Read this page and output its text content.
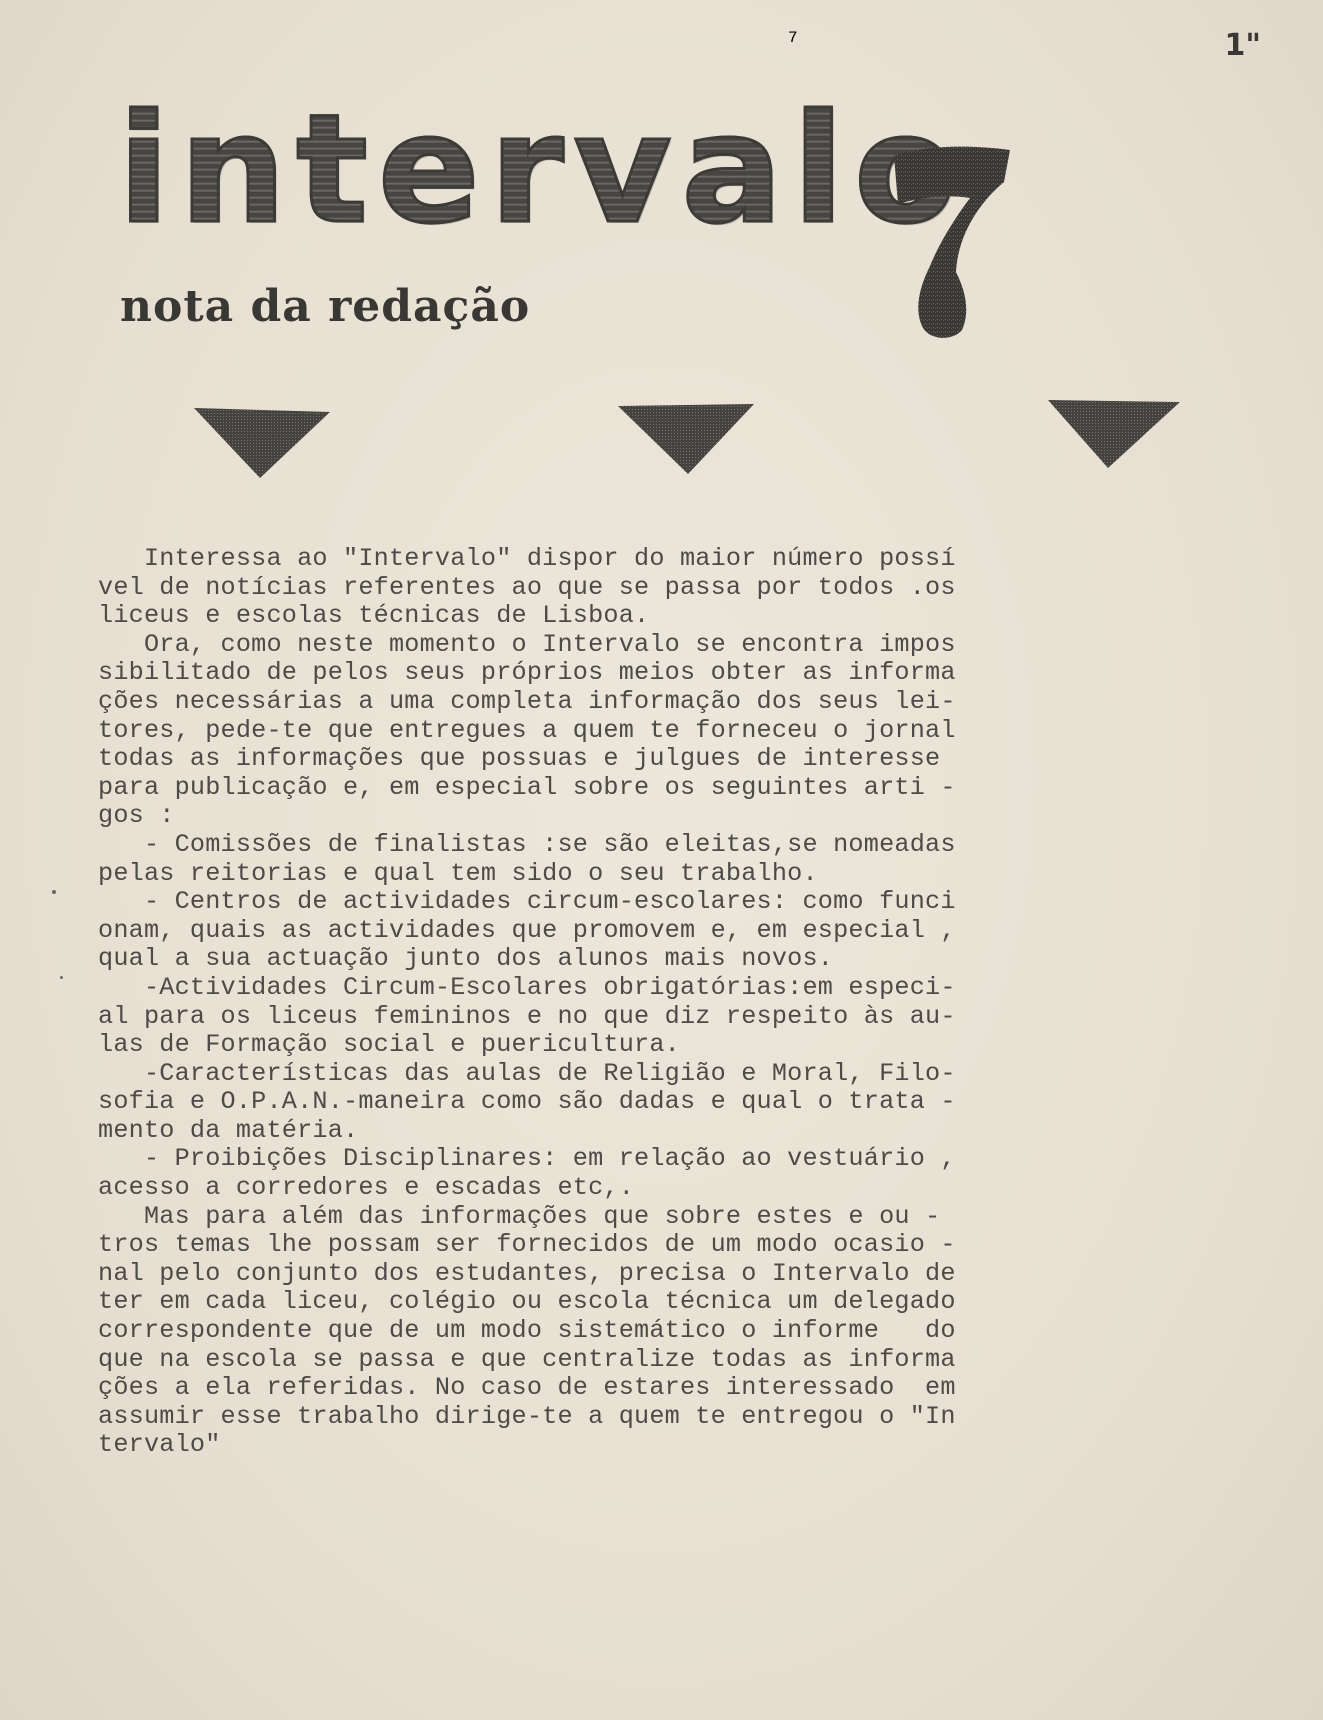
1"
intervalo
nota da redação
7

Interessa ao "Intervalo" dispor do maior número possí

vel de notícias referentes ao que se passa por todos .os

liceus e escolas técnicas de Lisboa.

Ora, como neste momento o Intervalo se encontra impos

sibilitado de pelos seus próprios meios obter as informa

ções necessárias a uma completa informação dos seus lei-

tores, pede-te que entregues a quem te forneceu o jornal

todas as informações que possuas e julgues de interesse

para publicação e, em especial sobre os seguintes arti -

gos :

- Comissões de finalistas :se são eleitas,se nomeadas

pelas reitorias e qual tem sido o seu trabalho.

- Centros de actividades circum-escolares: como funci

onam, quais as actividades que promovem e, em especial ,

qual a sua actuação junto dos alunos mais novos.

-Actividades Circum-Escolares obrigatórias:em especi-

al para os liceus femininos e no que diz respeito às au-

las de Formação social e puericultura.

-Características das aulas de Religião e Moral, Filo-

sofia e O.P.A.N.-maneira como são dadas e qual o trata -

mento da matéria.

- Proibições Disciplinares: em relação ao vestuário ,

acesso a corredores e escadas etc,.

Mas para além das informações que sobre estes e ou -

tros temas lhe possam ser fornecidos de um modo ocasio -

nal pelo conjunto dos estudantes, precisa o Intervalo de

ter em cada liceu, colégio ou escola técnica um delegado

correspondente que de um modo sistemático o informe   do

que na escola se passa e que centralize todas as informa

ções a ela referidas. No caso de estares interessado  em

assumir esse trabalho dirige-te a quem te entregou o "In

tervalo"
